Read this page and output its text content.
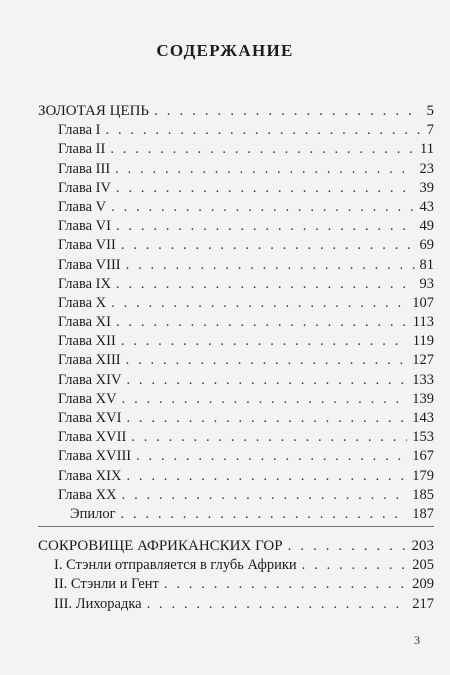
СОДЕРЖАНИЕ
ЗОЛОТАЯ ЦЕПЬ . . .	5
Глава I . . .	7
Глава II . . .	11
Глава III . . .	23
Глава IV . . .	39
Глава V . . .	43
Глава VI . . .	49
Глава VII . . .	69
Глава VIII . . .	81
Глава IX . . .	93
Глава X . . .	107
Глава XI . . .	113
Глава XII . . .	119
Глава XIII . . .	127
Глава XIV . . .	133
Глава XV . . .	139
Глава XVI . . .	143
Глава XVII . . .	153
Глава XVIII . . .	167
Глава XIX . . .	179
Глава XX . . .	185
Эпилог . . .	187
СОКРОВИЩЕ АФРИКАНСКИХ ГОР . . .	203
I. Стэнли отправляется в глубь Африки . . .	205
II. Стэнли и Гент . . .	209
III. Лихорадка . . .	217
3
